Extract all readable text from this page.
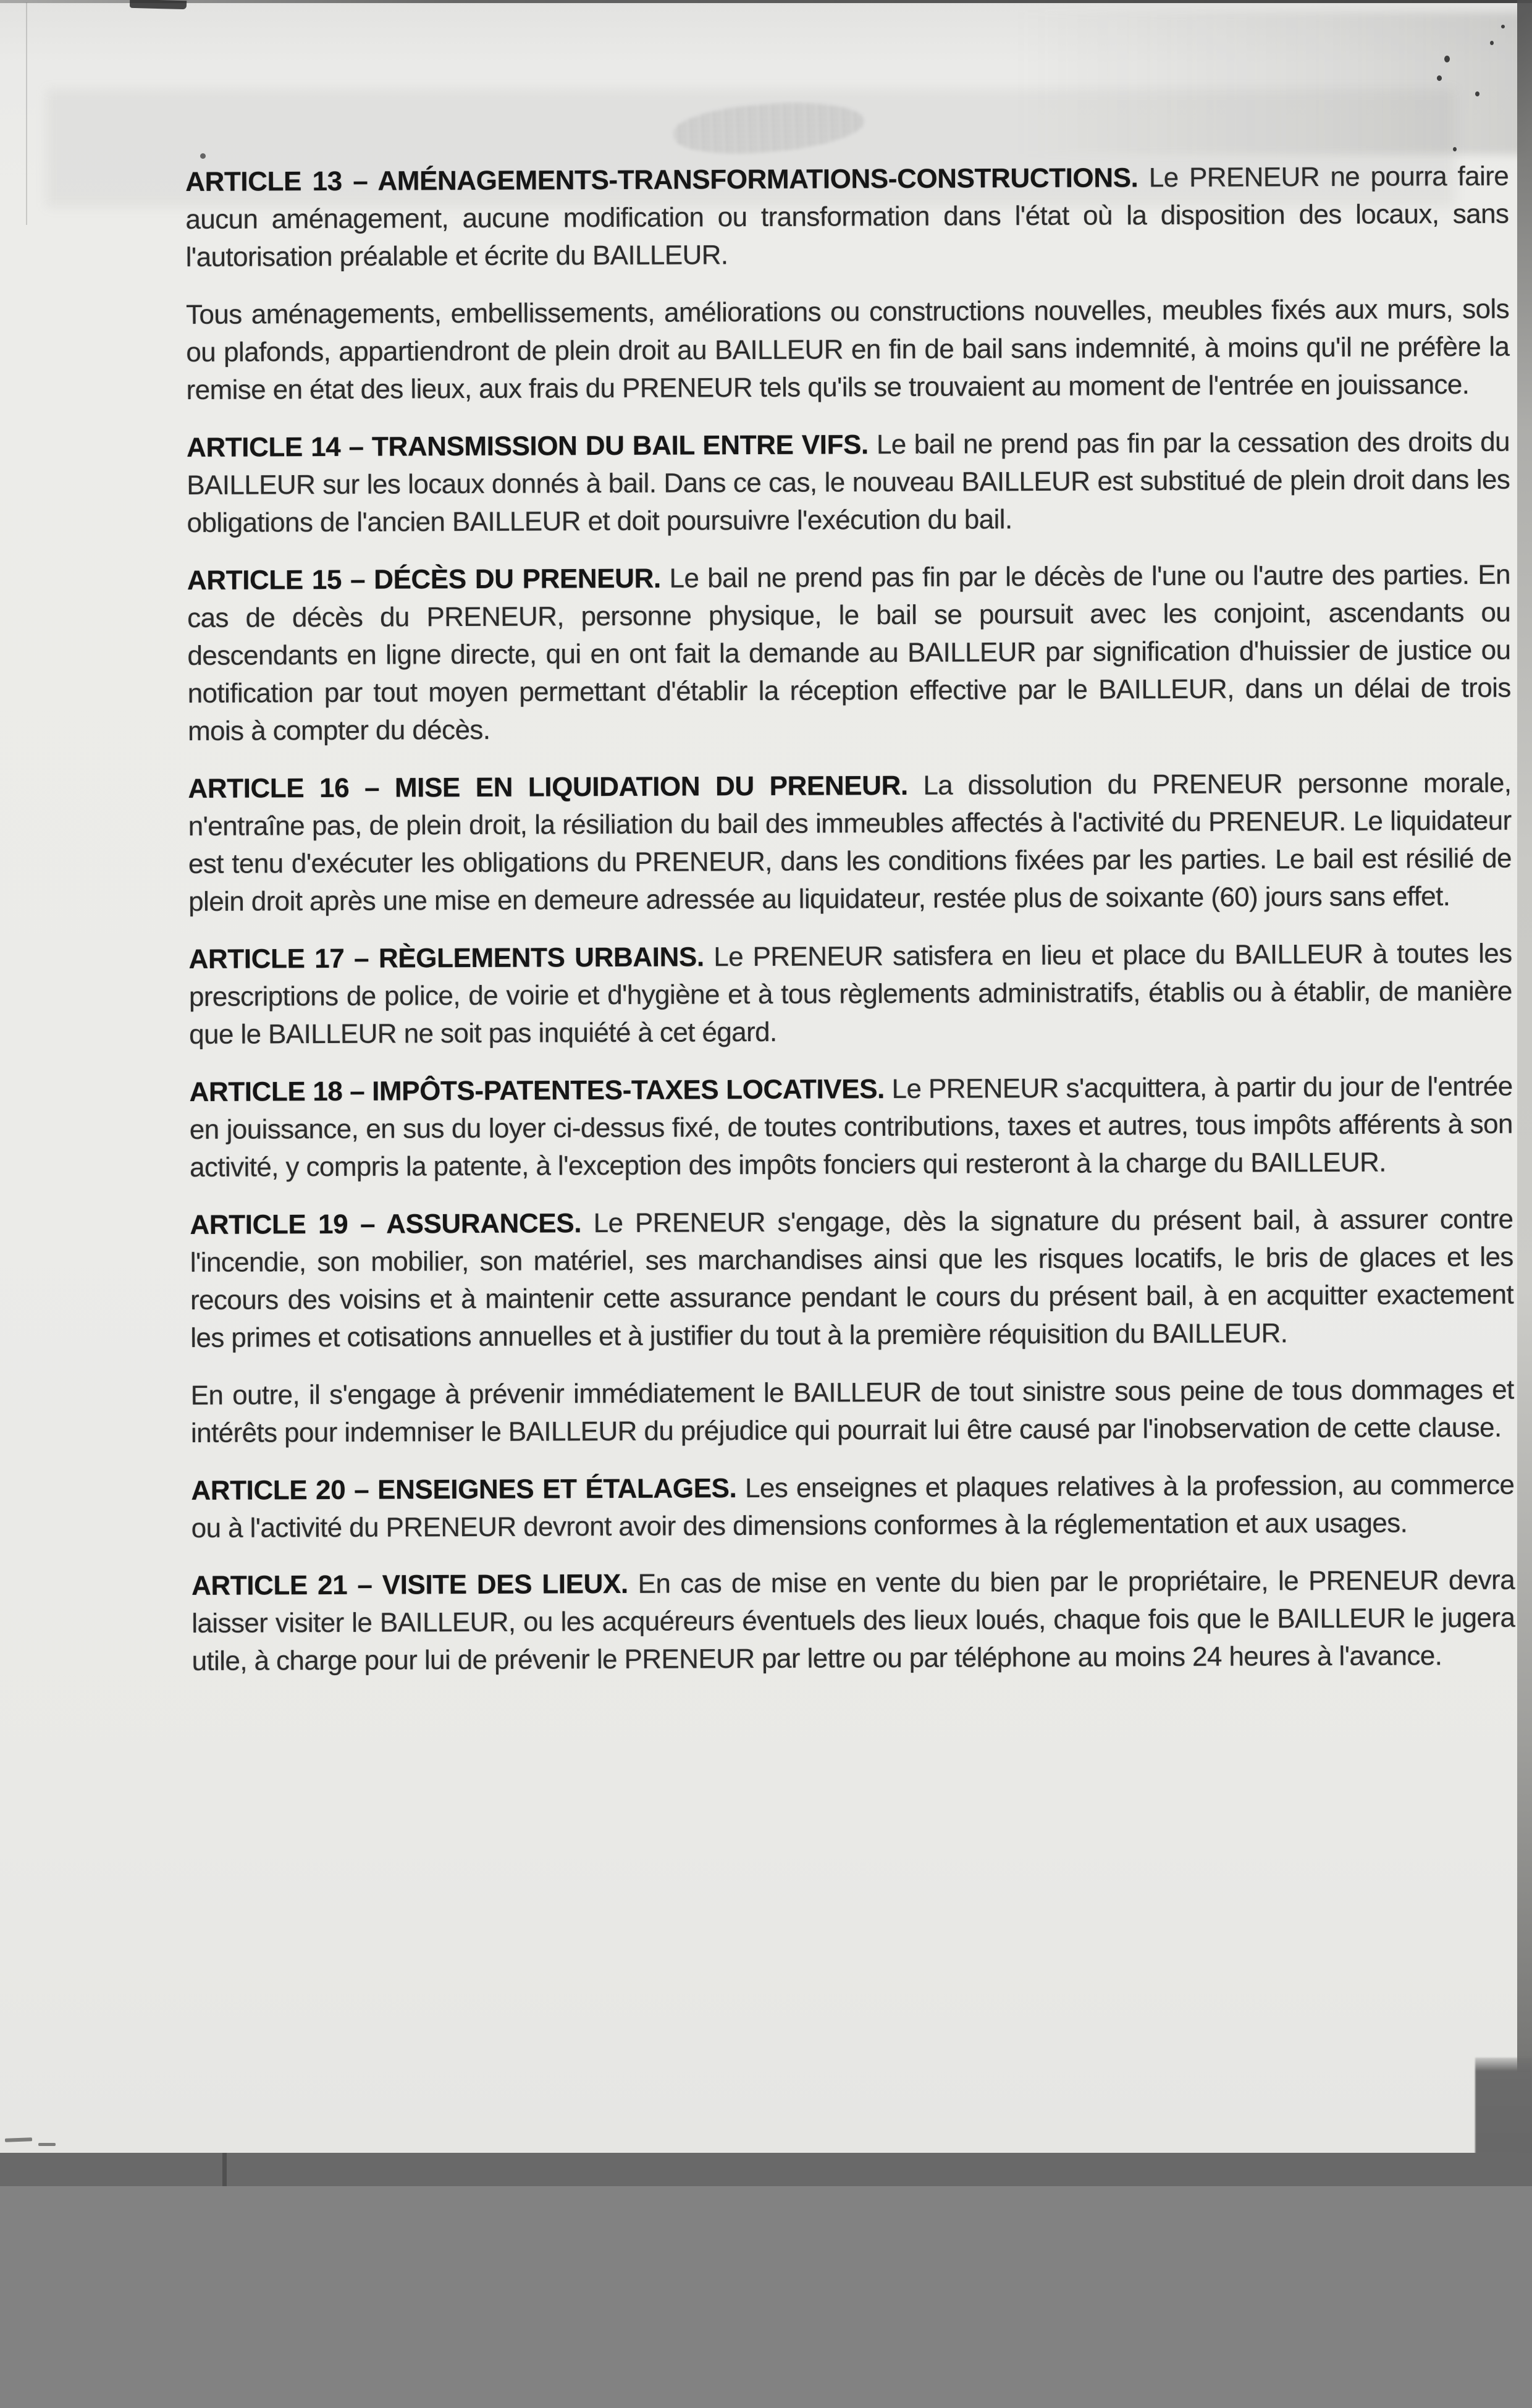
ARTICLE 13 – AMÉNAGEMENTS-TRANSFORMATIONS-CONSTRUCTIONS. Le PRENEUR ne pourra faire aucun aménagement, aucune modification ou transformation dans l'état où la disposition des locaux, sans l'autorisation préalable et écrite du BAILLEUR.

Tous aménagements, embellissements, améliorations ou constructions nouvelles, meubles fixés aux murs, sols ou plafonds, appartiendront de plein droit au BAILLEUR en fin de bail sans indemnité, à moins qu'il ne préfère la remise en état des lieux, aux frais du PRENEUR tels qu'ils se trouvaient au moment de l'entrée en jouissance.

ARTICLE 14 – TRANSMISSION DU BAIL ENTRE VIFS. Le bail ne prend pas fin par la cessation des droits du BAILLEUR sur les locaux donnés à bail. Dans ce cas, le nouveau BAILLEUR est substitué de plein droit dans les obligations de l'ancien BAILLEUR et doit poursuivre l'exécution du bail.

ARTICLE 15 – DÉCÈS DU PRENEUR. Le bail ne prend pas fin par le décès de l'une ou l'autre des parties. En cas de décès du PRENEUR, personne physique, le bail se poursuit avec les conjoint, ascendants ou descendants en ligne directe, qui en ont fait la demande au BAILLEUR par signification d'huissier de justice ou notification par tout moyen permettant d'établir la réception effective par le BAILLEUR, dans un délai de trois mois à compter du décès.

ARTICLE 16 – MISE EN LIQUIDATION DU PRENEUR. La dissolution du PRENEUR personne morale, n'entraîne pas, de plein droit, la résiliation du bail des immeubles affectés à l'activité du PRENEUR. Le liquidateur est tenu d'exécuter les obligations du PRENEUR, dans les conditions fixées par les parties. Le bail est résilié de plein droit après une mise en demeure adressée au liquidateur, restée plus de soixante (60) jours sans effet.

ARTICLE 17 – RÈGLEMENTS URBAINS. Le PRENEUR satisfera en lieu et place du BAILLEUR à toutes les prescriptions de police, de voirie et d'hygiène et à tous règlements administratifs, établis ou à établir, de manière que le BAILLEUR ne soit pas inquiété à cet égard.

ARTICLE 18 – IMPÔTS-PATENTES-TAXES LOCATIVES. Le PRENEUR s'acquittera, à partir du jour de l'entrée en jouissance, en sus du loyer ci-dessus fixé, de toutes contributions, taxes et autres, tous impôts afférents à son activité, y compris la patente, à l'exception des impôts fonciers qui resteront à la charge du BAILLEUR.

ARTICLE 19 – ASSURANCES. Le PRENEUR s'engage, dès la signature du présent bail, à assurer contre l'incendie, son mobilier, son matériel, ses marchandises ainsi que les risques locatifs, le bris de glaces et les recours des voisins et à maintenir cette assurance pendant le cours du présent bail, à en acquitter exactement les primes et cotisations annuelles et à justifier du tout à la première réquisition du BAILLEUR.

En outre, il s'engage à prévenir immédiatement le BAILLEUR de tout sinistre sous peine de tous dommages et intérêts pour indemniser le BAILLEUR du préjudice qui pourrait lui être causé par l'inobservation de cette clause.

ARTICLE 20 – ENSEIGNES ET ÉTALAGES. Les enseignes et plaques relatives à la profession, au commerce ou à l'activité du PRENEUR devront avoir des dimensions conformes à la réglementation et aux usages.

ARTICLE 21 – VISITE DES LIEUX. En cas de mise en vente du bien par le propriétaire, le PRENEUR devra laisser visiter le BAILLEUR, ou les acquéreurs éventuels des lieux loués, chaque fois que le BAILLEUR le jugera utile, à charge pour lui de prévenir le PRENEUR par lettre ou par téléphone au moins 24 heures à l'avance.
